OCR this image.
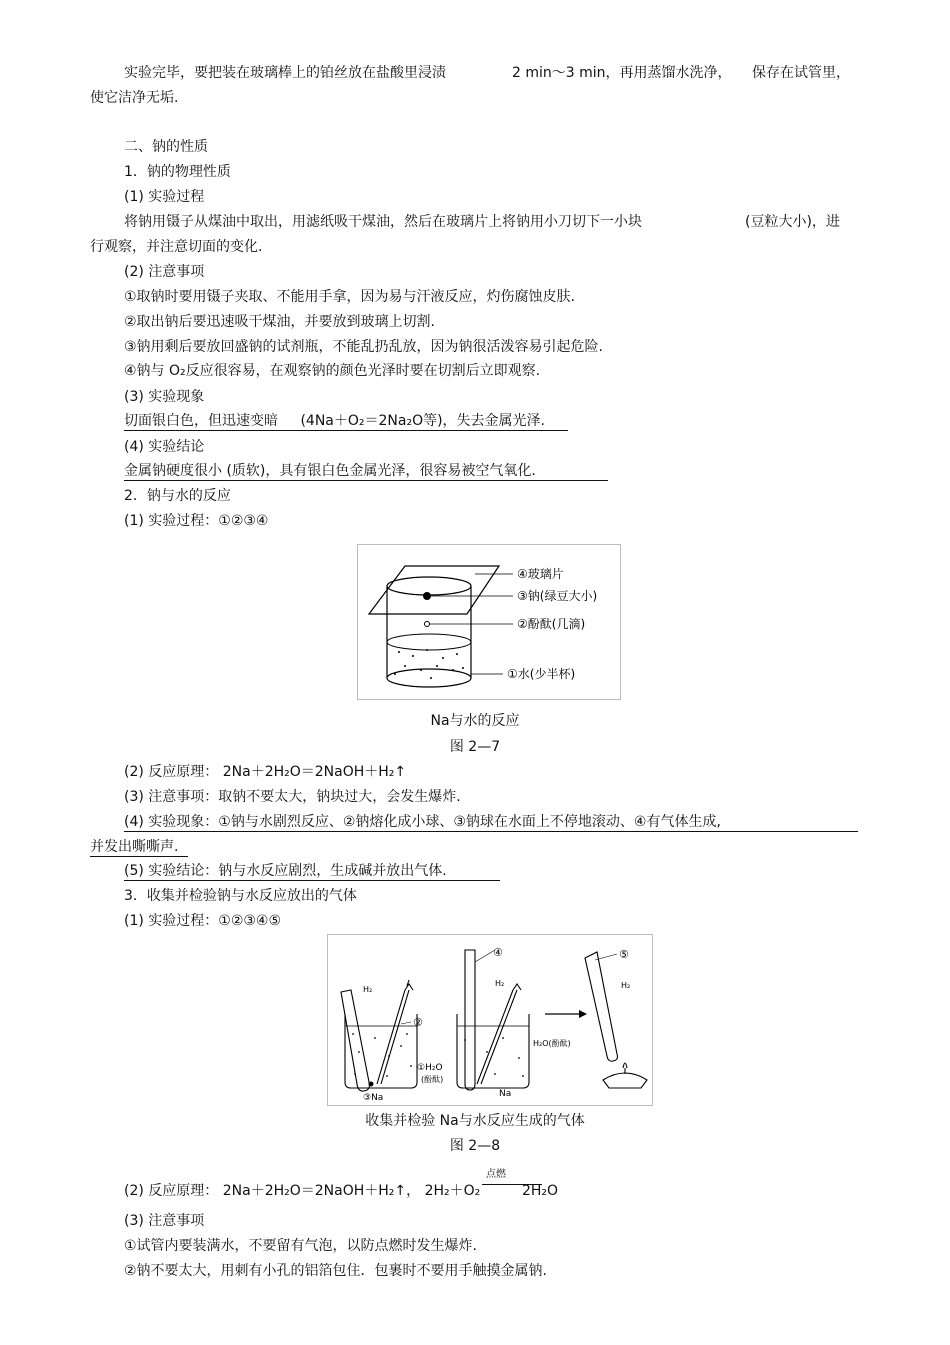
实验完毕，要把装在玻璃棒上的铂丝放在盐酸里浸渍	2 min～3 min，再用蒸馏水洗净， 保存在试管里，
使它洁净无垢.
二、钠的性质
1．钠的物理性质
(1) 实验过程
将钠用镊子从煤油中取出，用滤纸吸干煤油，然后在玻璃片上将钠用小刀切下一小块	(豆粒大小)，进
行观察，并注意切面的变化.
(2) 注意事项
①取钠时要用镊子夹取、不能用手拿，因为易与汗液反应，灼伤腐蚀皮肤.
②取出钠后要迅速吸干煤油，并要放到玻璃上切割.
③钠用剩后要放回盛钠的试剂瓶，不能乱扔乱放，因为钠很活泼容易引起危险.
④钠与 O₂反应很容易，在观察钠的颜色光泽时要在切割后立即观察.
(3) 实验现象
切面银白色，但迅速变暗 (4Na＋O₂＝2Na₂O等)，失去金属光泽.
(4) 实验结论
金属钠硬度很小 (质软)，具有银白色金属光泽，很容易被空气氧化.
2．钠与水的反应
(1) 实验过程：①②③④
④玻璃片
③钠(绿豆大小)
②酚酞(几滴)
①水(少半杯)
Na与水的反应
图 2—7
(2) 反应原理： 2Na＋2H₂O＝2NaOH＋H₂↑
(3) 注意事项：取钠不要太大，钠块过大，会发生爆炸.
(4) 实验现象：①钠与水剧烈反应、②钠熔化成小球、③钠球在水面上不停地滚动、④有气体生成,
并发出嘶嘶声.
(5) 实验结论：钠与水反应剧烈，生成碱并放出气体.
3．收集并检验钠与水反应放出的气体
(1) 实验过程：①②③④⑤
H₂
②
①H₂O
(酚酞)
③Na
④
H₂
Na
H₂O(酚酞)
⑤
H₂
收集并检验 Na与水反应生成的气体
图 2—8
点燃
(2) 反应原理： 2Na＋2H₂O＝2NaOH＋H₂↑， 2H₂＋O₂	2H₂O
(3) 注意事项
①试管内要装满水，不要留有气泡，以防点燃时发生爆炸.
②钠不要太大，用刺有小孔的铝箔包住．包裹时不要用手触摸金属钠.
